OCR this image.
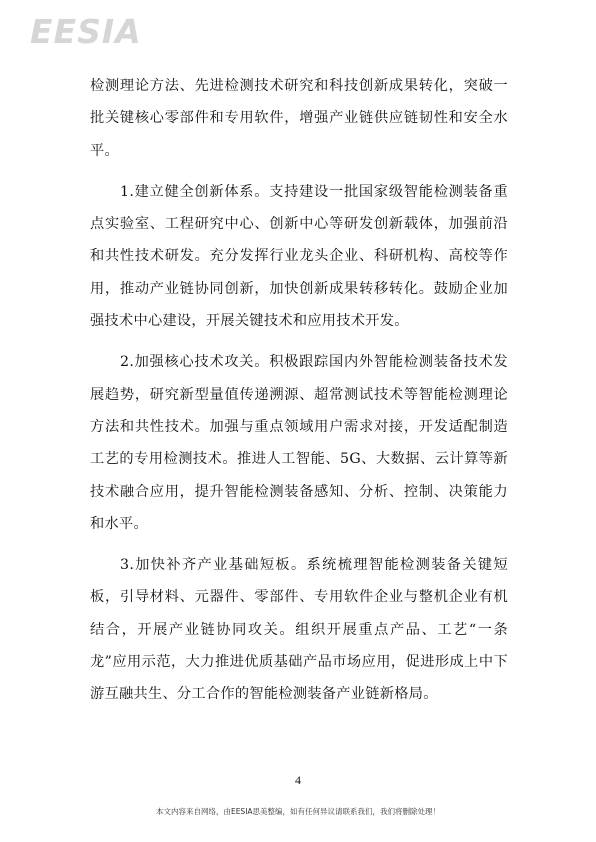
EESIA

检测理论方法、先进检测技术研究和科技创新成果转化，突破一批关键核心零部件和专用软件，增强产业链供应链韧性和安全水平。

1.建立健全创新体系。支持建设一批国家级智能检测装备重点实验室、工程研究中心、创新中心等研发创新载体，加强前沿和共性技术研发。充分发挥行业龙头企业、科研机构、高校等作用，推动产业链协同创新，加快创新成果转移转化。鼓励企业加强技术中心建设，开展关键技术和应用技术开发。

2.加强核心技术攻关。积极跟踪国内外智能检测装备技术发展趋势，研究新型量值传递溯源、超常测试技术等智能检测理论方法和共性技术。加强与重点领域用户需求对接，开发适配制造工艺的专用检测技术。推进人工智能、5G、大数据、云计算等新技术融合应用，提升智能检测装备感知、分析、控制、决策能力和水平。

3.加快补齐产业基础短板。系统梳理智能检测装备关键短板，引导材料、元器件、零部件、专用软件企业与整机企业有机结合，开展产业链协同攻关。组织开展重点产品、工艺“一条龙”应用示范，大力推进优质基础产品市场应用，促进形成上中下游互融共生、分工合作的智能检测装备产业链新格局。

4
本文内容来自网络，由EESIA思美整编，如有任何异议请联系我们，我们将删除处理！
